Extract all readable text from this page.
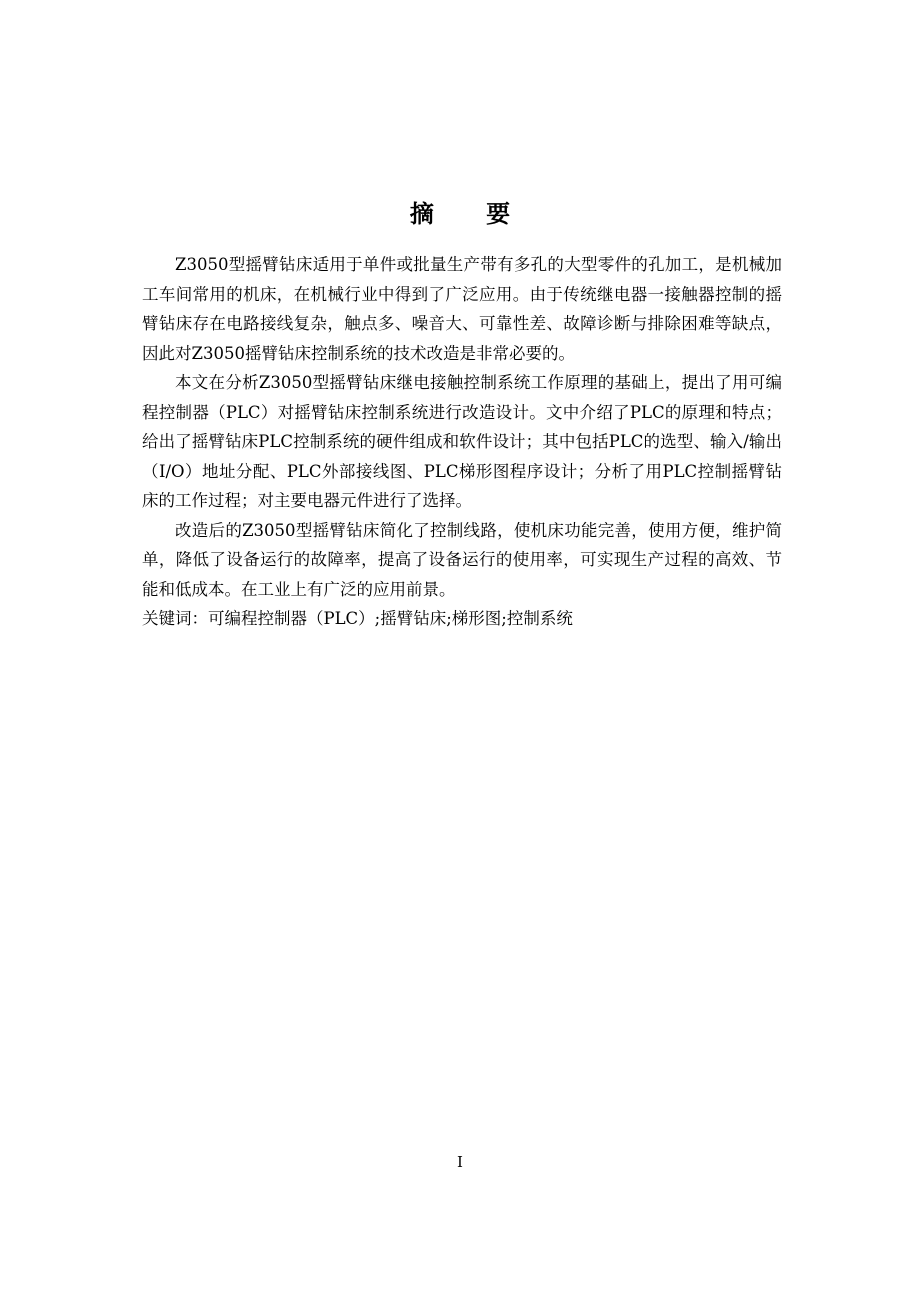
摘 要

Z3050型摇臂钻床适用于单件或批量生产带有多孔的大型零件的孔加工，是机械加工车间常用的机床，在机械行业中得到了广泛应用。由于传统继电器一接触器控制的摇臂钻床存在电路接线复杂，触点多、噪音大、可靠性差、故障诊断与排除困难等缺点，因此对Z3050摇臂钻床控制系统的技术改造是非常必要的。

本文在分析Z3050型摇臂钻床继电接触控制系统工作原理的基础上，提出了用可编程控制器（PLC）对摇臂钻床控制系统进行改造设计。文中介绍了PLC的原理和特点；给出了摇臂钻床PLC控制系统的硬件组成和软件设计；其中包括PLC的选型、输入/输出（I/O）地址分配、PLC外部接线图、PLC梯形图程序设计；分析了用PLC控制摇臂钻床的工作过程；对主要电器元件进行了选择。

改造后的Z3050型摇臂钻床简化了控制线路，使机床功能完善，使用方便，维护简单，降低了设备运行的故障率，提高了设备运行的使用率，可实现生产过程的高效、节能和低成本。在工业上有广泛的应用前景。

关键词：可编程控制器（PLC）;摇臂钻床;梯形图;控制系统

I
